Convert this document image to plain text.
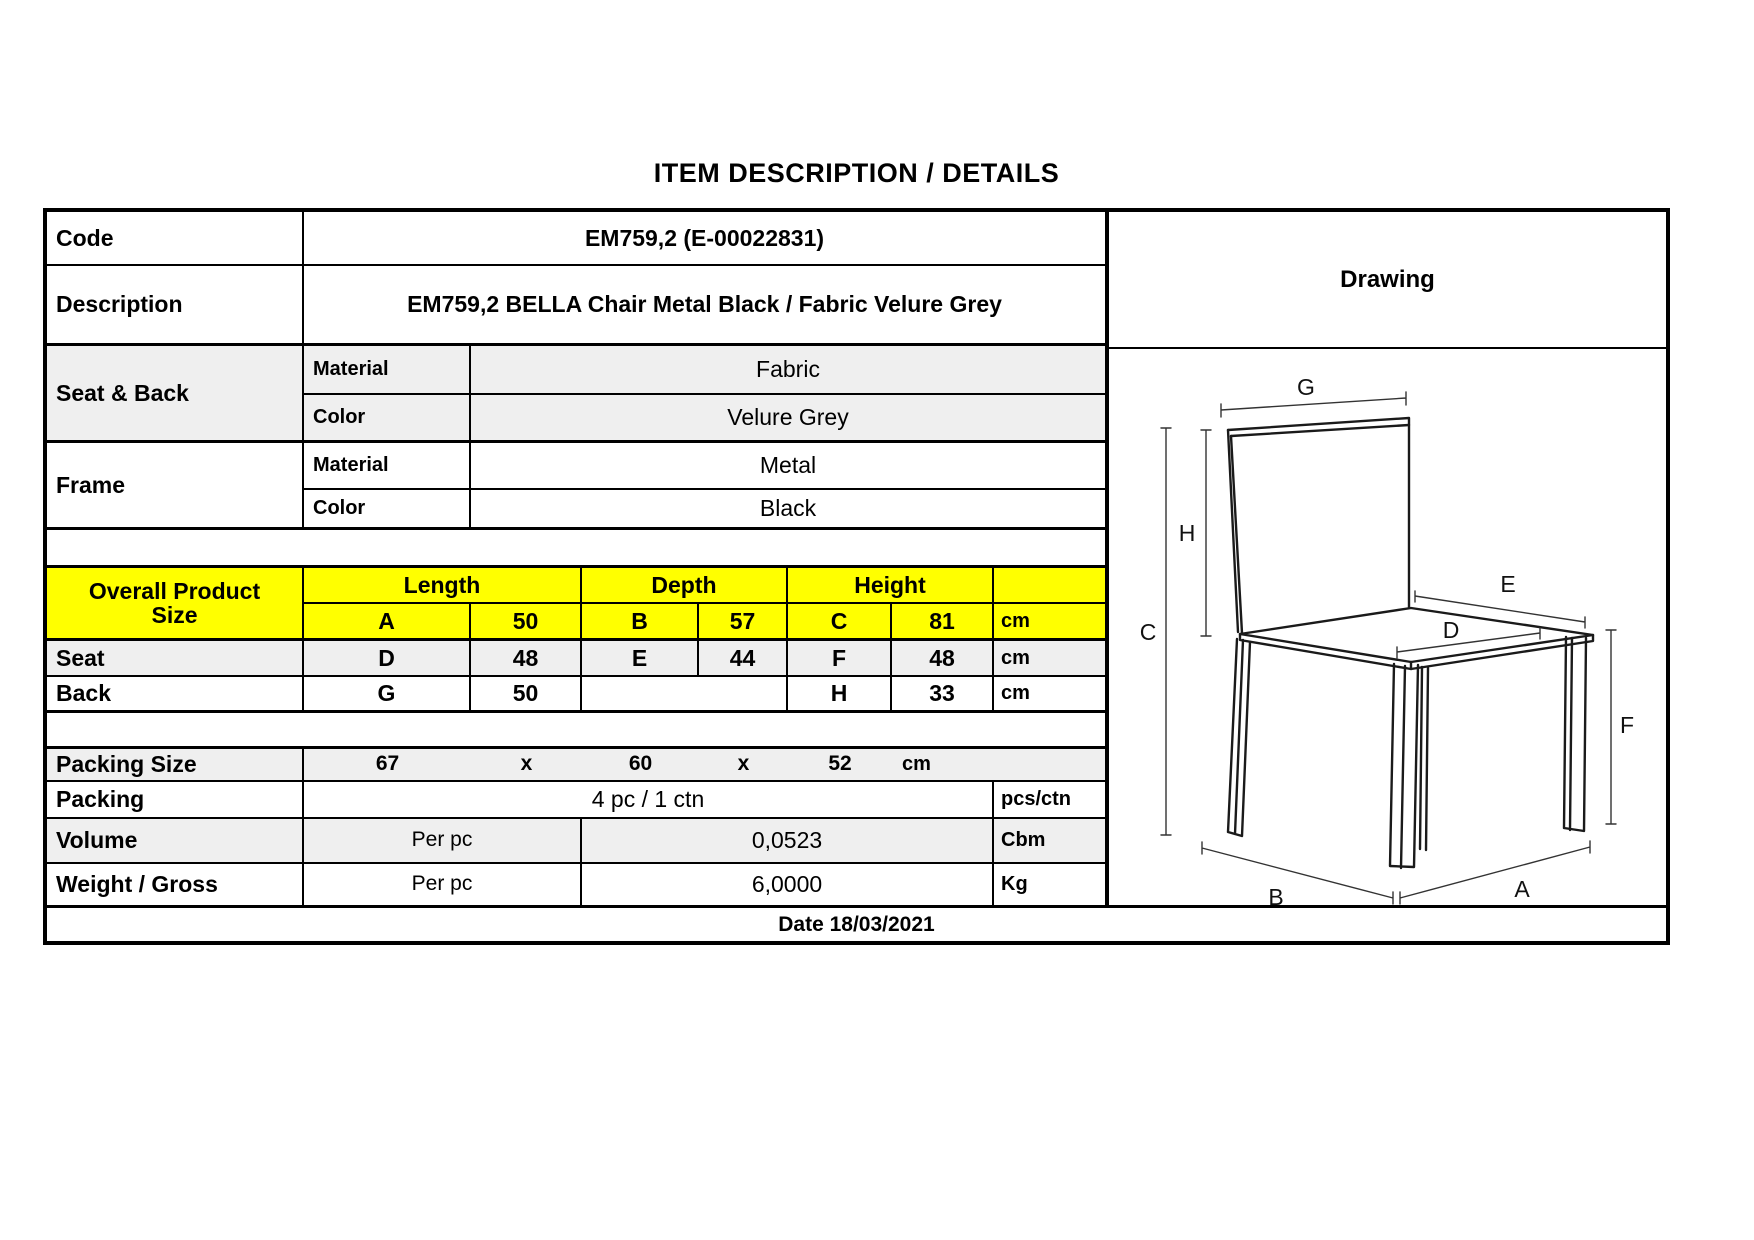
ITEM DESCRIPTION / DETAILS
Code	EM759,2 (E-00022831)
Description	EM759,2 BELLA Chair Metal Black / Fabric Velure Grey
Seat & Back
Material	Fabric
Color	Velure Grey
Frame
Material	Metal
Color	Black
Overall Product
Size
Length	Depth	Height
A	50	B	57	C	81	cm
Seat	D	48	E	44	F	48	cm
Back	G	50	H	33	cm
Packing Size	67	x	60	x	52	cm
Packing	4 pc / 1 ctn	pcs/ctn
Volume	Per pc	0,0523	Cbm
Weight / Gross	Per pc	6,0000	Kg
Drawing
G
H
C
E
D
F
B	A
Date 18/03/2021
